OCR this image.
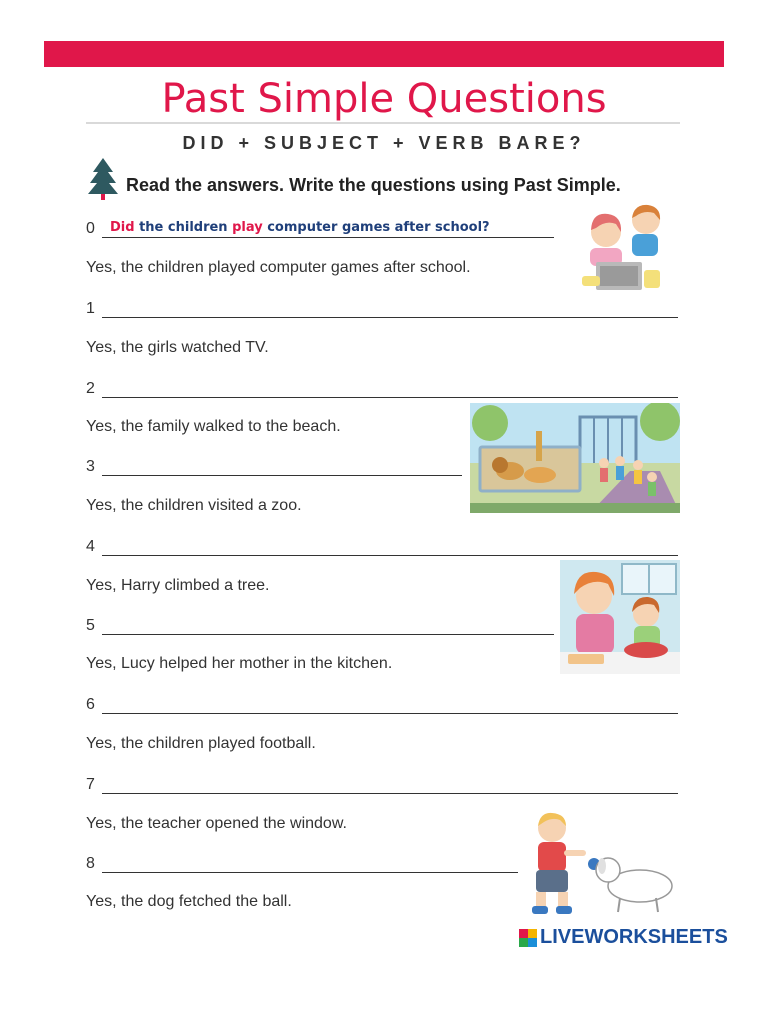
Past Simple Questions
DID + SUBJECT + VERB BARE?
Read the answers. Write the questions using Past Simple.
0	Did the children play computer games after school?
Yes, the children played computer games after school.
1
Yes, the girls watched TV.
2
Yes, the family walked to the beach.
3
Yes, the children visited a zoo.
4
Yes, Harry climbed a tree.
5
Yes, Lucy helped her mother in the kitchen.
6
Yes, the children played football.
7
Yes, the teacher opened the window.
8
Yes, the dog fetched the ball.
LIVEWORKSHEETS
